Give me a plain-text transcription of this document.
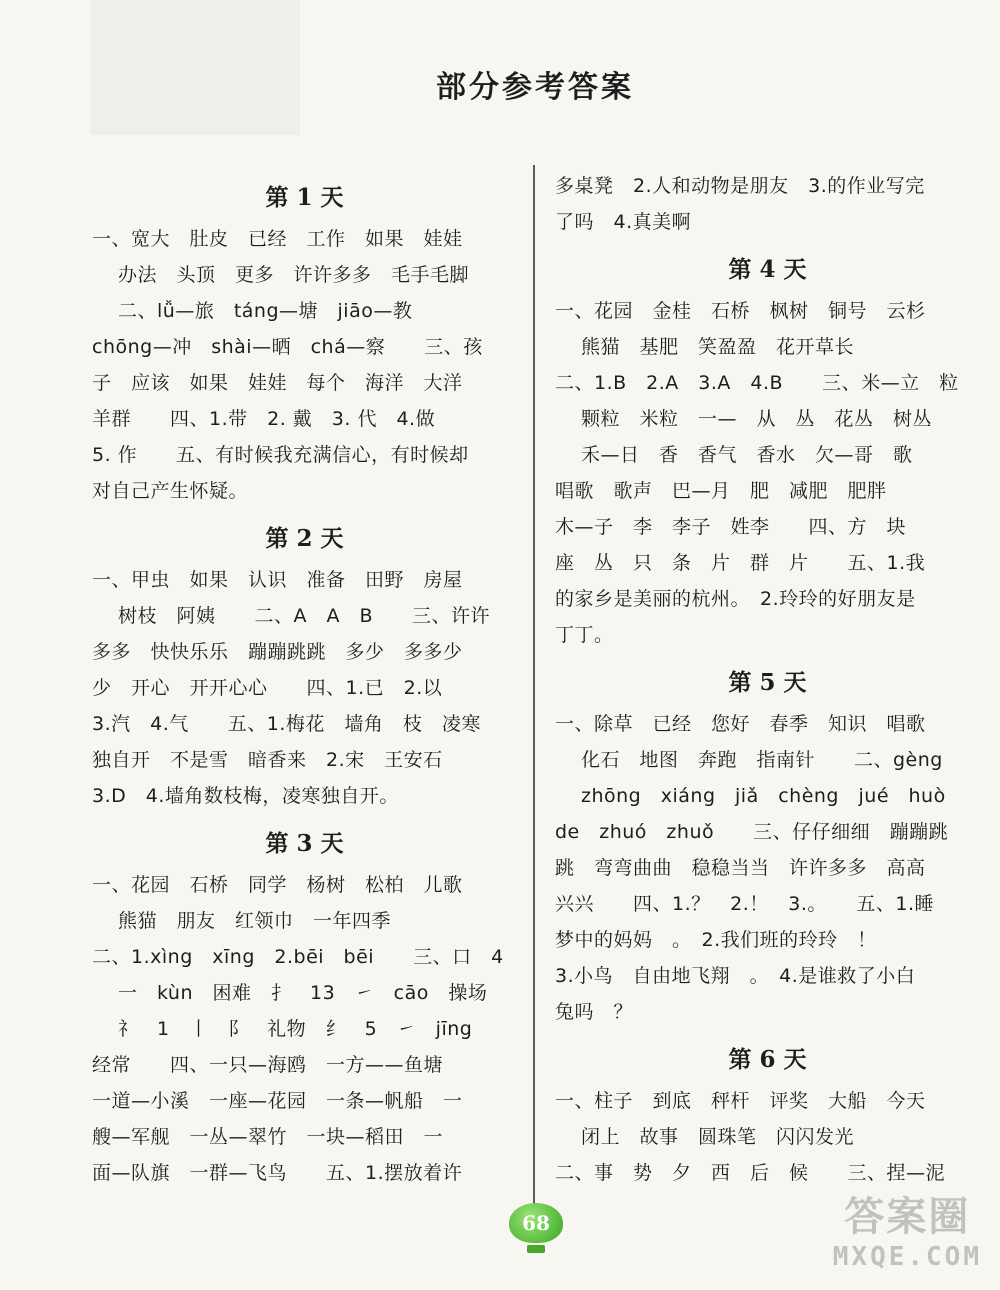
部分参考答案
第 1 天
一、宽大　肚皮　已经　工作　如果　娃娃
办法　头顶　更多　许许多多　毛手毛脚
二、lǚ—旅　táng—塘　jiāo—教
chōng—冲　shài—晒　chá—察　　三、孩
子　应该　如果　娃娃　每个　海洋　大洋
羊群　　四、1.带　2. 戴　3. 代　4.做
5. 作　　五、有时候我充满信心，有时候却
对自己产生怀疑。
第 2 天
一、甲虫　如果　认识　准备　田野　房屋
树枝　阿姨　　二、A　A　B　　三、许许
多多　快快乐乐　蹦蹦跳跳　多少　多多少
少　开心　开开心心　　四、1.已　2.以
3.汽　4.气　　五、1.梅花　墙角　枝　凌寒
独自开　不是雪　暗香来　2.宋　王安石
3.D　4.墙角数枝梅，凌寒独自开。
第 3 天
一、花园　石桥　同学　杨树　松柏　儿歌
熊猫　朋友　红领巾　一年四季
二、1.xìng　xīng　2.bēi　bēi　　三、口　4
一　kùn　困难　扌　13　㇀　cāo　操场
礻　1　丨　阝　礼物　纟　5　㇀　jīng
经常　　四、一只—海鸥　一方——鱼塘
一道—小溪　一座—花园　一条—帆船　一
艘—军舰　一丛—翠竹　一块—稻田　一
面—队旗　一群—飞鸟　　五、1.摆放着许
多桌凳　2.人和动物是朋友　3.的作业写完
了吗　4.真美啊
第 4 天
一、花园　金桂　石桥　枫树　铜号　云杉
熊猫　基肥　笑盈盈　花开草长
二、1.B　2.A　3.A　4.B　　三、米—立　粒
颗粒　米粒　一—　从　丛　花丛　树丛
禾—日　香　香气　香水　欠—哥　歌
唱歌　歌声　巴—月　肥　减肥　肥胖
木—子　李　李子　姓李　　四、方　块
座　丛　只　条　片　群　片　　五、1.我
的家乡是美丽的杭州。　2.玲玲的好朋友是
丁丁。
第 5 天
一、除草　已经　您好　春季　知识　唱歌
化石　地图　奔跑　指南针　　二、gèng
zhōng　xiáng　jiǎ　chèng　jué　huò
de　zhuó　zhuǒ　　三、仔仔细细　蹦蹦跳
跳　弯弯曲曲　稳稳当当　许许多多　高高
兴兴　　四、1.？　2.！　3.。　　五、1.睡
梦中的妈妈　。　2.我们班的玲玲　！
3.小鸟　自由地飞翔　。　4.是谁救了小白
兔吗　？
第 6 天
一、柱子　到底　秤杆　评奖　大船　今天
闭上　故事　圆珠笔　闪闪发光
二、事　势　夕　西　后　候　　三、捏—泥
68	答案圈
MXQE.COM
